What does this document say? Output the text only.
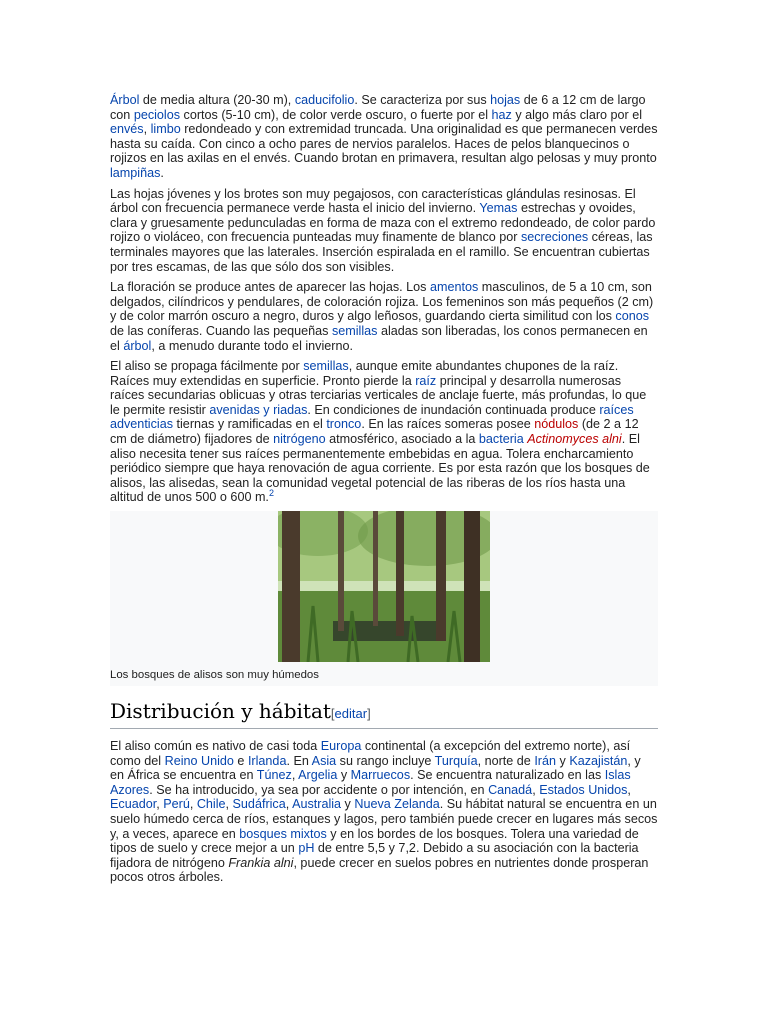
Árbol de media altura (20-30 m), caducifolio. Se caracteriza por sus hojas de 6 a 12 cm de largo con peciolos cortos (5-10 cm), de color verde oscuro, o fuerte por el haz y algo más claro por el envés, limbo redondeado y con extremidad truncada. Una originalidad es que permanecen verdes hasta su caída. Con cinco a ocho pares de nervios paralelos. Haces de pelos blanquecinos o rojizos en las axilas en el envés. Cuando brotan en primavera, resultan algo pelosas y muy pronto lampiñas.

Las hojas jóvenes y los brotes son muy pegajosos, con características glándulas resinosas. El árbol con frecuencia permanece verde hasta el inicio del invierno. Yemas estrechas y ovoides, clara y gruesamente pedunculadas en forma de maza con el extremo redondeado, de color pardo rojizo o violáceo, con frecuencia punteadas muy finamente de blanco por secreciones céreas, las terminales mayores que las laterales. Inserción espiralada en el ramillo. Se encuentran cubiertas por tres escamas, de las que sólo dos son visibles.

La floración se produce antes de aparecer las hojas. Los amentos masculinos, de 5 a 10 cm, son delgados, cilíndricos y pendulares, de coloración rojiza. Los femeninos son más pequeños (2 cm) y de color marrón oscuro a negro, duros y algo leñosos, guardando cierta similitud con los conos de las coníferas. Cuando las pequeñas semillas aladas son liberadas, los conos permanecen en el árbol, a menudo durante todo el invierno.

El aliso se propaga fácilmente por semillas, aunque emite abundantes chupones de la raíz. Raíces muy extendidas en superficie. Pronto pierde la raíz principal y desarrolla numerosas raíces secundarias oblicuas y otras terciarias verticales de anclaje fuerte, más profundas, lo que le permite resistir avenidas y riadas. En condiciones de inundación continuada produce raíces adventicias tiernas y ramificadas en el tronco. En las raíces someras posee nódulos (de 2 a 12 cm de diámetro) fijadores de nitrógeno atmosférico, asociado a la bacteria Actinomyces alni. El aliso necesita tener sus raíces permanentemente embebidas en agua. Tolera encharcamiento periódico siempre que haya renovación de agua corriente. Es por esta razón que los bosques de alisos, las alisedas, sean la comunidad vegetal potencial de las riberas de los ríos hasta una altitud de unos 500 o 600 m.$^2$

Los bosques de alisos son muy húmedos
Distribución y hábitat[editar]

El aliso común es nativo de casi toda Europa continental (a excepción del extremo norte), así como del Reino Unido e Irlanda. En Asia su rango incluye Turquía, norte de Irán y Kazajistán, y en África se encuentra en Túnez, Argelia y Marruecos. Se encuentra naturalizado en las Islas Azores. Se ha introducido, ya sea por accidente o por intención, en Canadá, Estados Unidos, Ecuador, Perú, Chile, Sudáfrica, Australia y Nueva Zelanda. Su hábitat natural se encuentra en un suelo húmedo cerca de ríos, estanques y lagos, pero también puede crecer en lugares más secos y, a veces, aparece en bosques mixtos y en los bordes de los bosques. Tolera una variedad de tipos de suelo y crece mejor a un pH de entre 5,5 y 7,2. Debido a su asociación con la bacteria fijadora de nitrógeno Frankia alni, puede crecer en suelos pobres en nutrientes donde prosperan pocos otros árboles.
